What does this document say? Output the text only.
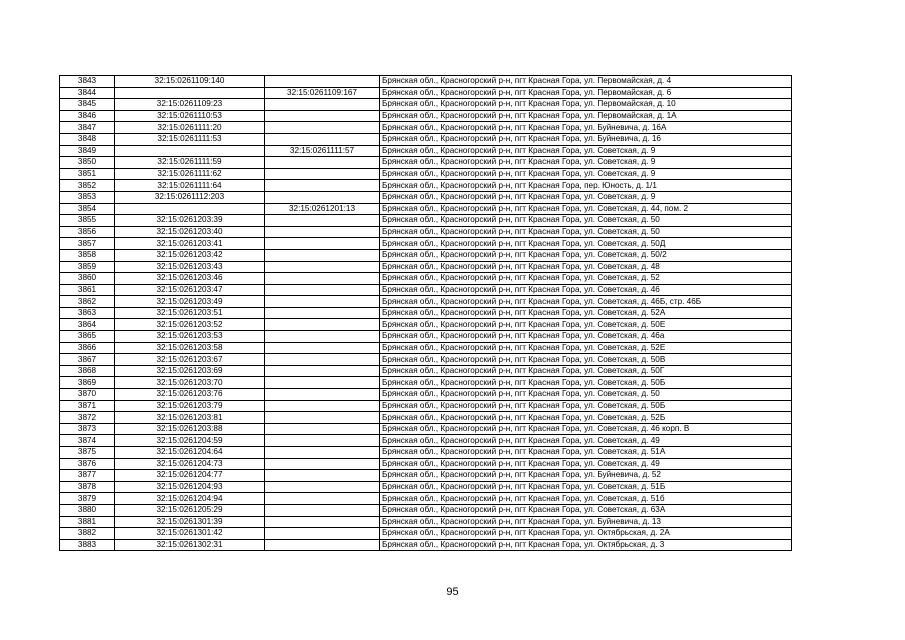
3843	32:15:0261109:140		Брянская обл., Красногорский р-н, пгт Красная Гора, ул. Первомайская, д. 4
3844		32:15:0261109:167	Брянская обл., Красногорский р-н, пгт Красная Гора, ул. Первомайская, д. 6
3845	32:15:0261109:23		Брянская обл., Красногорский р-н, пгт Красная Гора, ул. Первомайская, д. 10
3846	32:15:0261110:53		Брянская обл., Красногорский р-н, пгт Красная Гора, ул. Первомайская, д. 1А
3847	32:15:0261111:20		Брянская обл., Красногорский р-н, пгт Красная Гора, ул. Буйневича, д. 16А
3848	32:15:0261111:53		Брянская обл., Красногорский р-н, пгт Красная Гора, ул. Буйневича, д. 16
3849		32:15:0261111:57	Брянская обл., Красногорский р-н, пгт Красная Гора, ул. Советская, д. 9
3850	32:15:0261111:59		Брянская обл., Красногорский р-н, пгт Красная Гора, ул. Советская, д. 9
3851	32:15:0261111:62		Брянская обл., Красногорский р-н, пгт Красная Гора, ул. Советская, д. 9
3852	32:15:0261111:64		Брянская обл., Красногорский р-н, пгт Красная Гора, пер. Юность, д. 1/1
3853	32:15:0261112:203		Брянская обл., Красногорский р-н, пгт Красная Гора, ул. Советская, д. 9
3854		32:15:0261201:13	Брянская обл., Красногорский р-н, пгт Красная Гора, ул. Советская, д. 44, пом. 2
3855	32:15:0261203:39		Брянская обл., Красногорский р-н, пгт Красная Гора, ул. Советская, д. 50
3856	32:15:0261203:40		Брянская обл., Красногорский р-н, пгт Красная Гора, ул. Советская, д. 50
3857	32:15:0261203:41		Брянская обл., Красногорский р-н, пгт Красная Гора, ул. Советская, д. 50Д
3858	32:15:0261203:42		Брянская обл., Красногорский р-н, пгт Красная Гора, ул. Советская, д. 50/2
3859	32:15:0261203:43		Брянская обл., Красногорский р-н, пгт Красная Гора, ул. Советская, д. 48
3860	32:15:0261203:46		Брянская обл., Красногорский р-н, пгт Красная Гора, ул. Советская, д. 52
3861	32:15:0261203:47		Брянская обл., Красногорский р-н, пгт Красная Гора, ул. Советская, д. 46
3862	32:15:0261203:49		Брянская обл., Красногорский р-н, пгт Красная Гора, ул. Советская, д. 46Б, стр. 46Б
3863	32:15:0261203:51		Брянская обл., Красногорский р-н, пгт Красная Гора, ул. Советская, д. 52А
3864	32:15:0261203:52		Брянская обл., Красногорский р-н, пгт Красная Гора, ул. Советская, д. 50Е
3865	32:15:0261203:53		Брянская обл., Красногорский р-н, пгт Красная Гора, ул. Советская, д. 46а
3866	32:15:0261203:58		Брянская обл., Красногорский р-н, пгт Красная Гора, ул. Советская, д. 52Е
3867	32:15:0261203:67		Брянская обл., Красногорский р-н, пгт Красная Гора, ул. Советская, д. 50В
3868	32:15:0261203:69		Брянская обл., Красногорский р-н, пгт Красная Гора, ул. Советская, д. 50Г
3869	32:15:0261203:70		Брянская обл., Красногорский р-н, пгт Красная Гора, ул. Советская, д. 50Б
3870	32:15:0261203:76		Брянская обл., Красногорский р-н, пгт Красная Гора, ул. Советская, д. 50
3871	32:15:0261203:79		Брянская обл., Красногорский р-н, пгт Красная Гора, ул. Советская, д. 50Б
3872	32:15:0261203:81		Брянская обл., Красногорский р-н, пгт Красная Гора, ул. Советская, д. 52Б
3873	32:15:0261203:88		Брянская обл., Красногорский р-н, пгт Красная Гора, ул. Советская, д. 46 корп. В
3874	32:15:0261204:59		Брянская обл., Красногорский р-н, пгт Красная Гора, ул. Советская, д. 49
3875	32:15:0261204:64		Брянская обл., Красногорский р-н, пгт Красная Гора, ул. Советская, д. 51А
3876	32:15:0261204:73		Брянская обл., Красногорский р-н, пгт Красная Гора, ул. Советская, д. 49
3877	32:15:0261204:77		Брянская обл., Красногорский р-н, пгт Красная Гора, ул. Буйневича, д. 52
3878	32:15:0261204:93		Брянская обл., Красногорский р-н, пгт Красная Гора, ул. Советская, д. 51Б
3879	32:15:0261204:94		Брянская обл., Красногорский р-н, пгт Красная Гора, ул. Советская, д. 51б
3880	32:15:0261205:29		Брянская обл., Красногорский р-н, пгт Красная Гора, ул. Советская, д. 63А
3881	32:15:0261301:39		Брянская обл., Красногорский р-н, пгт Красная Гора, ул. Буйневича, д. 13
3882	32:15:0261301:42		Брянская обл., Красногорский р-н, пгт Красная Гора, ул. Октябрьская, д. 2А
3883	32:15:0261302:31		Брянская обл., Красногорский р-н, пгт Красная Гора, ул. Октябрьская, д. 3
95
